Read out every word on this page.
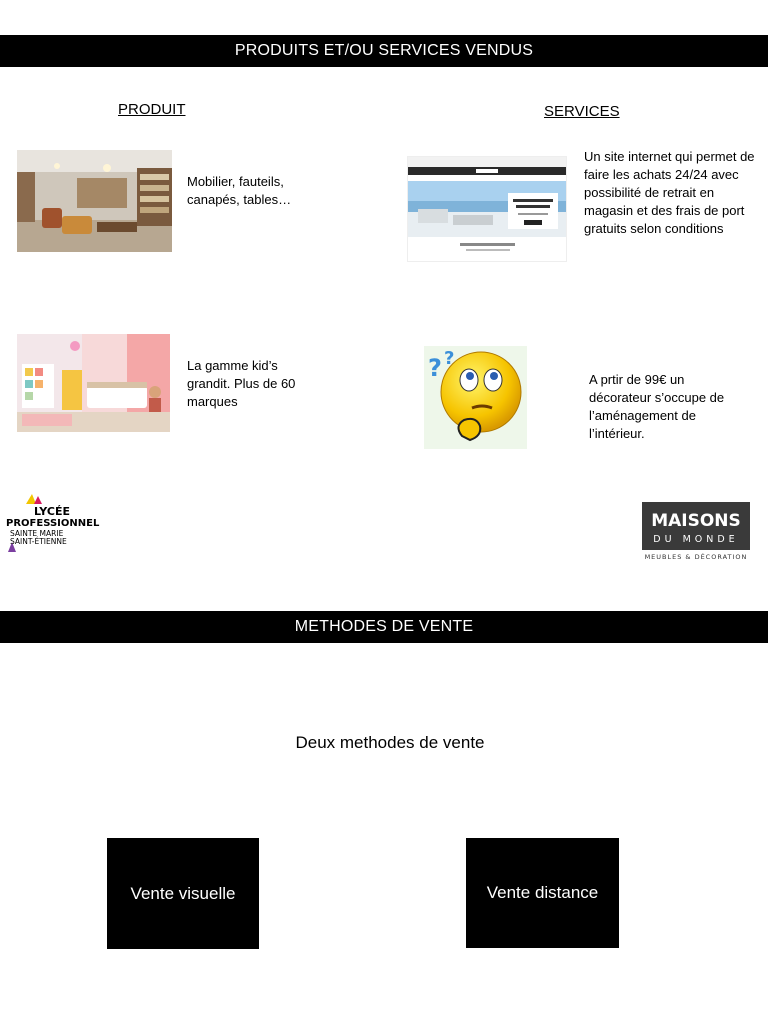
PRODUITS ET/OU SERVICES VENDUS
PRODUIT	SERVICES
Mobilier, fauteils, canapés, tables…
Un site internet qui permet de faire les achats 24/24 avec possibilité de retrait en magasin et des frais de port gratuits selon conditions
La gamme kid’s grandit. Plus de 60 marques
? ?
A prtir de 99€ un décorateur s’occupe de l’aménagement de l’intérieur.
LYCÉE
PROFESSIONNEL
SAINTE MARIE
SAINT-ÉTIENNE
MAISONS
DU MONDE
MEUBLES & DÉCORATION
METHODES DE VENTE
Deux methodes de vente
Vente visuelle	Vente distance
